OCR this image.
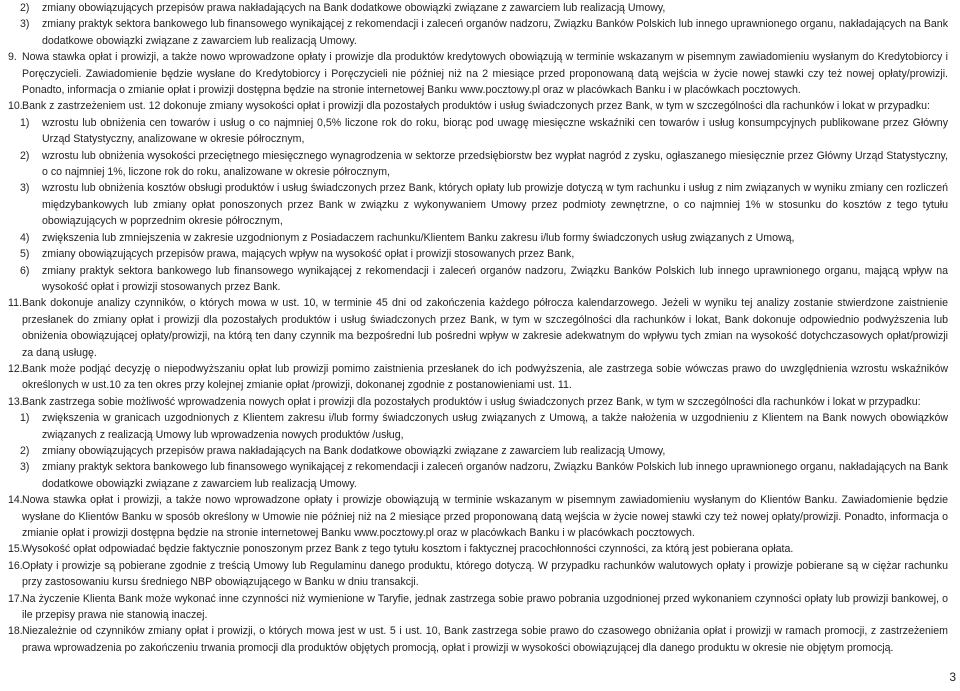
2) zmiany obowiązujących przepisów prawa nakładających na Bank dodatkowe obowiązki związane z zawarciem lub realizacją Umowy,
3) zmiany praktyk sektora bankowego lub finansowego wynikającej z rekomendacji i zaleceń organów nadzoru, Związku Banków Polskich lub innego uprawnionego organu, nakładających na Bank dodatkowe obowiązki związane z zawarciem lub realizacją Umowy.
9. Nowa stawka opłat i prowizji, a także nowo wprowadzone opłaty i prowizje dla produktów kredytowych obowiązują w terminie wskazanym w pisemnym zawiadomieniu wysłanym do Kredytobiorcy i Poręczycieli. Zawiadomienie będzie wysłane do Kredytobiorcy i Poręczycieli nie później niż na 2 miesiące przed proponowaną datą wejścia w życie nowej stawki czy też nowej opłaty/prowizji. Ponadto, informacja o zmianie opłat i prowizji dostępna będzie na stronie internetowej Banku www.pocztowy.pl oraz w placówkach Banku i w placówkach pocztowych.
10. Bank z zastrzeżeniem ust. 12 dokonuje zmiany wysokości opłat i prowizji dla pozostałych produktów i usług świadczonych przez Bank, w tym w szczególności dla rachunków i lokat w przypadku:
1) wzrostu lub obniżenia cen towarów i usług o co najmniej 0,5% liczone rok do roku, biorąc pod uwagę miesięczne wskaźniki cen towarów i usług konsumpcyjnych publikowane przez Główny Urząd Statystyczny, analizowane w okresie półrocznym,
2) wzrostu lub obniżenia wysokości przeciętnego miesięcznego wynagrodzenia w sektorze przedsiębiorstw bez wypłat nagród z zysku, ogłaszanego miesięcznie przez Główny Urząd Statystyczny, o co najmniej 1%, liczone rok do roku, analizowane w okresie półrocznym,
3) wzrostu lub obniżenia kosztów obsługi produktów i usług świadczonych przez Bank, których opłaty lub prowizje dotyczą w tym rachunku i usług z nim związanych w wyniku zmiany cen rozliczeń międzybankowych lub zmiany opłat ponoszonych przez Bank w związku z wykonywaniem Umowy przez podmioty zewnętrzne, o co najmniej 1% w stosunku do kosztów z tego tytułu obowiązujących w poprzednim okresie półrocznym,
4) zwiększenia lub zmniejszenia w zakresie uzgodnionym z Posiadaczem rachunku/Klientem Banku zakresu i/lub formy świadczonych usług związanych z Umową,
5) zmiany obowiązujących przepisów prawa, mających wpływ na wysokość opłat i prowizji stosowanych przez Bank,
6) zmiany praktyk sektora bankowego lub finansowego wynikającej z rekomendacji i zaleceń organów nadzoru, Związku Banków Polskich lub innego uprawnionego organu, mającą wpływ na wysokość opłat i prowizji stosowanych przez Bank.
11. Bank dokonuje analizy czynników, o których mowa w ust. 10, w terminie 45 dni od zakończenia każdego półrocza kalendarzowego. Jeżeli w wyniku tej analizy zostanie stwierdzone zaistnienie przesłanek do zmiany opłat i prowizji dla pozostałych produktów i usług świadczonych przez Bank, w tym w szczególności dla rachunków i lokat, Bank dokonuje odpowiednio podwyższenia lub obniżenia obowiązującej opłaty/prowizji, na którą ten dany czynnik ma bezpośredni lub pośredni wpływ w zakresie adekwatnym do wpływu tych zmian na wysokość dotychczasowych opłat/prowizji za daną usługę.
12. Bank może podjąć decyzję o niepodwyższaniu opłat lub prowizji pomimo zaistnienia przesłanek do ich podwyższenia, ale zastrzega sobie wówczas prawo do uwzględnienia wzrostu wskaźników określonych w ust.10 za ten okres przy kolejnej zmianie opłat /prowizji, dokonanej zgodnie z postanowieniami ust. 11.
13. Bank zastrzega sobie możliwość wprowadzenia nowych opłat i prowizji dla pozostałych produktów i usług świadczonych przez Bank, w tym w szczególności dla rachunków i lokat w przypadku:
1) zwiększenia w granicach uzgodnionych z Klientem zakresu i/lub formy świadczonych usług związanych z Umową, a także nałożenia w uzgodnieniu z Klientem na Bank nowych obowiązków związanych z realizacją Umowy lub wprowadzenia nowych produktów /usług,
2) zmiany obowiązujących przepisów prawa nakładających na Bank dodatkowe obowiązki związane z zawarciem lub realizacją Umowy,
3) zmiany praktyk sektora bankowego lub finansowego wynikającej z rekomendacji i zaleceń organów nadzoru, Związku Banków Polskich lub innego uprawnionego organu, nakładających na Bank dodatkowe obowiązki związane z zawarciem lub realizacją Umowy.
14. Nowa stawka opłat i prowizji, a także nowo wprowadzone opłaty i prowizje obowiązują w terminie wskazanym w pisemnym zawiadomieniu wysłanym do Klientów Banku. Zawiadomienie będzie wysłane do Klientów Banku w sposób określony w Umowie nie później niż na 2 miesiące przed proponowaną datą wejścia w życie nowej stawki czy też nowej opłaty/prowizji. Ponadto, informacja o zmianie opłat i prowizji dostępna będzie na stronie internetowej Banku www.pocztowy.pl oraz w placówkach Banku i w placówkach pocztowych.
15. Wysokość opłat odpowiadać będzie faktycznie ponoszonym przez Bank z tego tytułu kosztom i faktycznej pracochłonności czynności, za którą jest pobierana opłata.
16. Opłaty i prowizje są pobierane zgodnie z treścią Umowy lub Regulaminu danego produktu, którego dotyczą. W przypadku rachunków walutowych opłaty i prowizje pobierane są w ciężar rachunku przy zastosowaniu kursu średniego NBP obowiązującego w Banku w dniu transakcji.
17. Na życzenie Klienta Bank może wykonać inne czynności niż wymienione w Taryfie, jednak zastrzega sobie prawo pobrania uzgodnionej przed wykonaniem czynności opłaty lub prowizji bankowej, o ile przepisy prawa nie stanowią inaczej.
18. Niezależnie od czynników zmiany opłat i prowizji, o których mowa jest w ust. 5 i ust. 10, Bank zastrzega sobie prawo do czasowego obniżania opłat i prowizji w ramach promocji, z zastrzeżeniem prawa wprowadzenia po zakończeniu trwania promocji dla produktów objętych promocją, opłat i prowizji w wysokości obowiązującej dla danego produktu w okresie nie objętym promocją.
3
